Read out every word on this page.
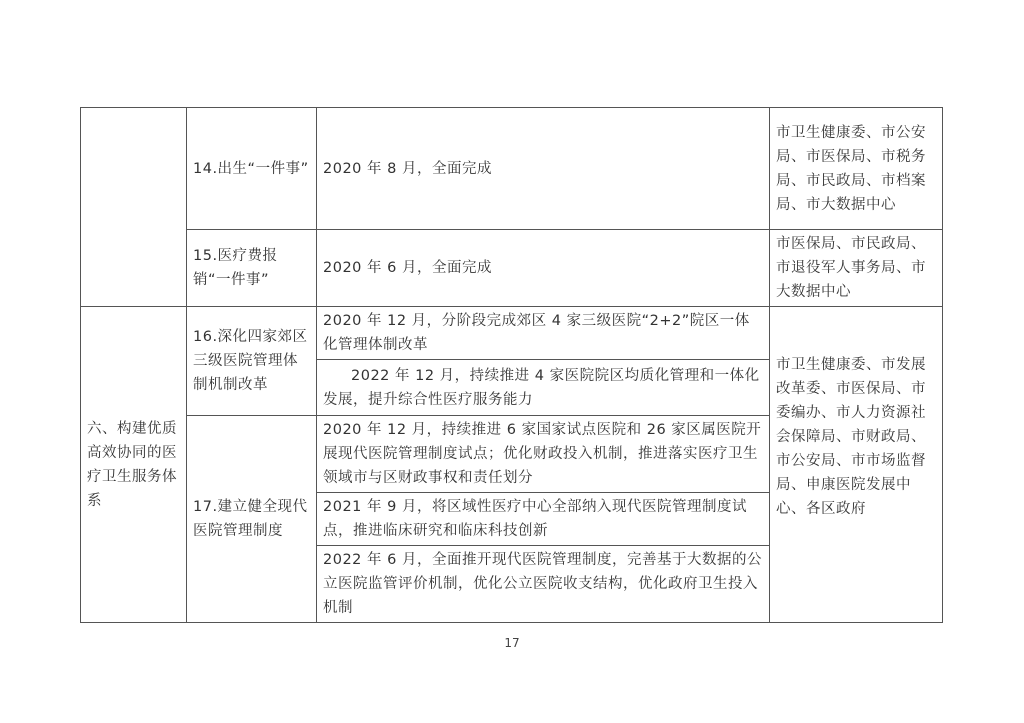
	14.出生“一件事”	2020 年 8 月，全面完成	市卫生健康委、市公安局、市医保局、市税务局、市民政局、市档案局、市大数据中心
	15.医疗费报销“一件事”	2020 年 6 月，全面完成	市医保局、市民政局、市退役军人事务局、市大数据中心
六、构建优质高效协同的医疗卫生服务体系	16.深化四家郊区三级医院管理体制机制改革	2020 年 12 月，分阶段完成郊区 4 家三级医院“2+2”院区一体化管理体制改革	市卫生健康委、市发展改革委、市医保局、市委编办、市人力资源社会保障局、市财政局、市公安局、市市场监督局、申康医院发展中心、各区政府
		2022 年 12 月，持续推进 4 家医院院区均质化管理和一体化发展，提升综合性医疗服务能力	
	17.建立健全现代医院管理制度	2020 年 12 月，持续推进 6 家国家试点医院和 26 家区属医院开展现代医院管理制度试点；优化财政投入机制，推进落实医疗卫生领域市与区财政事权和责任划分	
		2021 年 9 月，将区域性医疗中心全部纳入现代医院管理制度试点，推进临床研究和临床科技创新	
		2022 年 6 月，全面推开现代医院管理制度，完善基于大数据的公立医院监管评价机制，优化公立医院收支结构，优化政府卫生投入机制	
17
